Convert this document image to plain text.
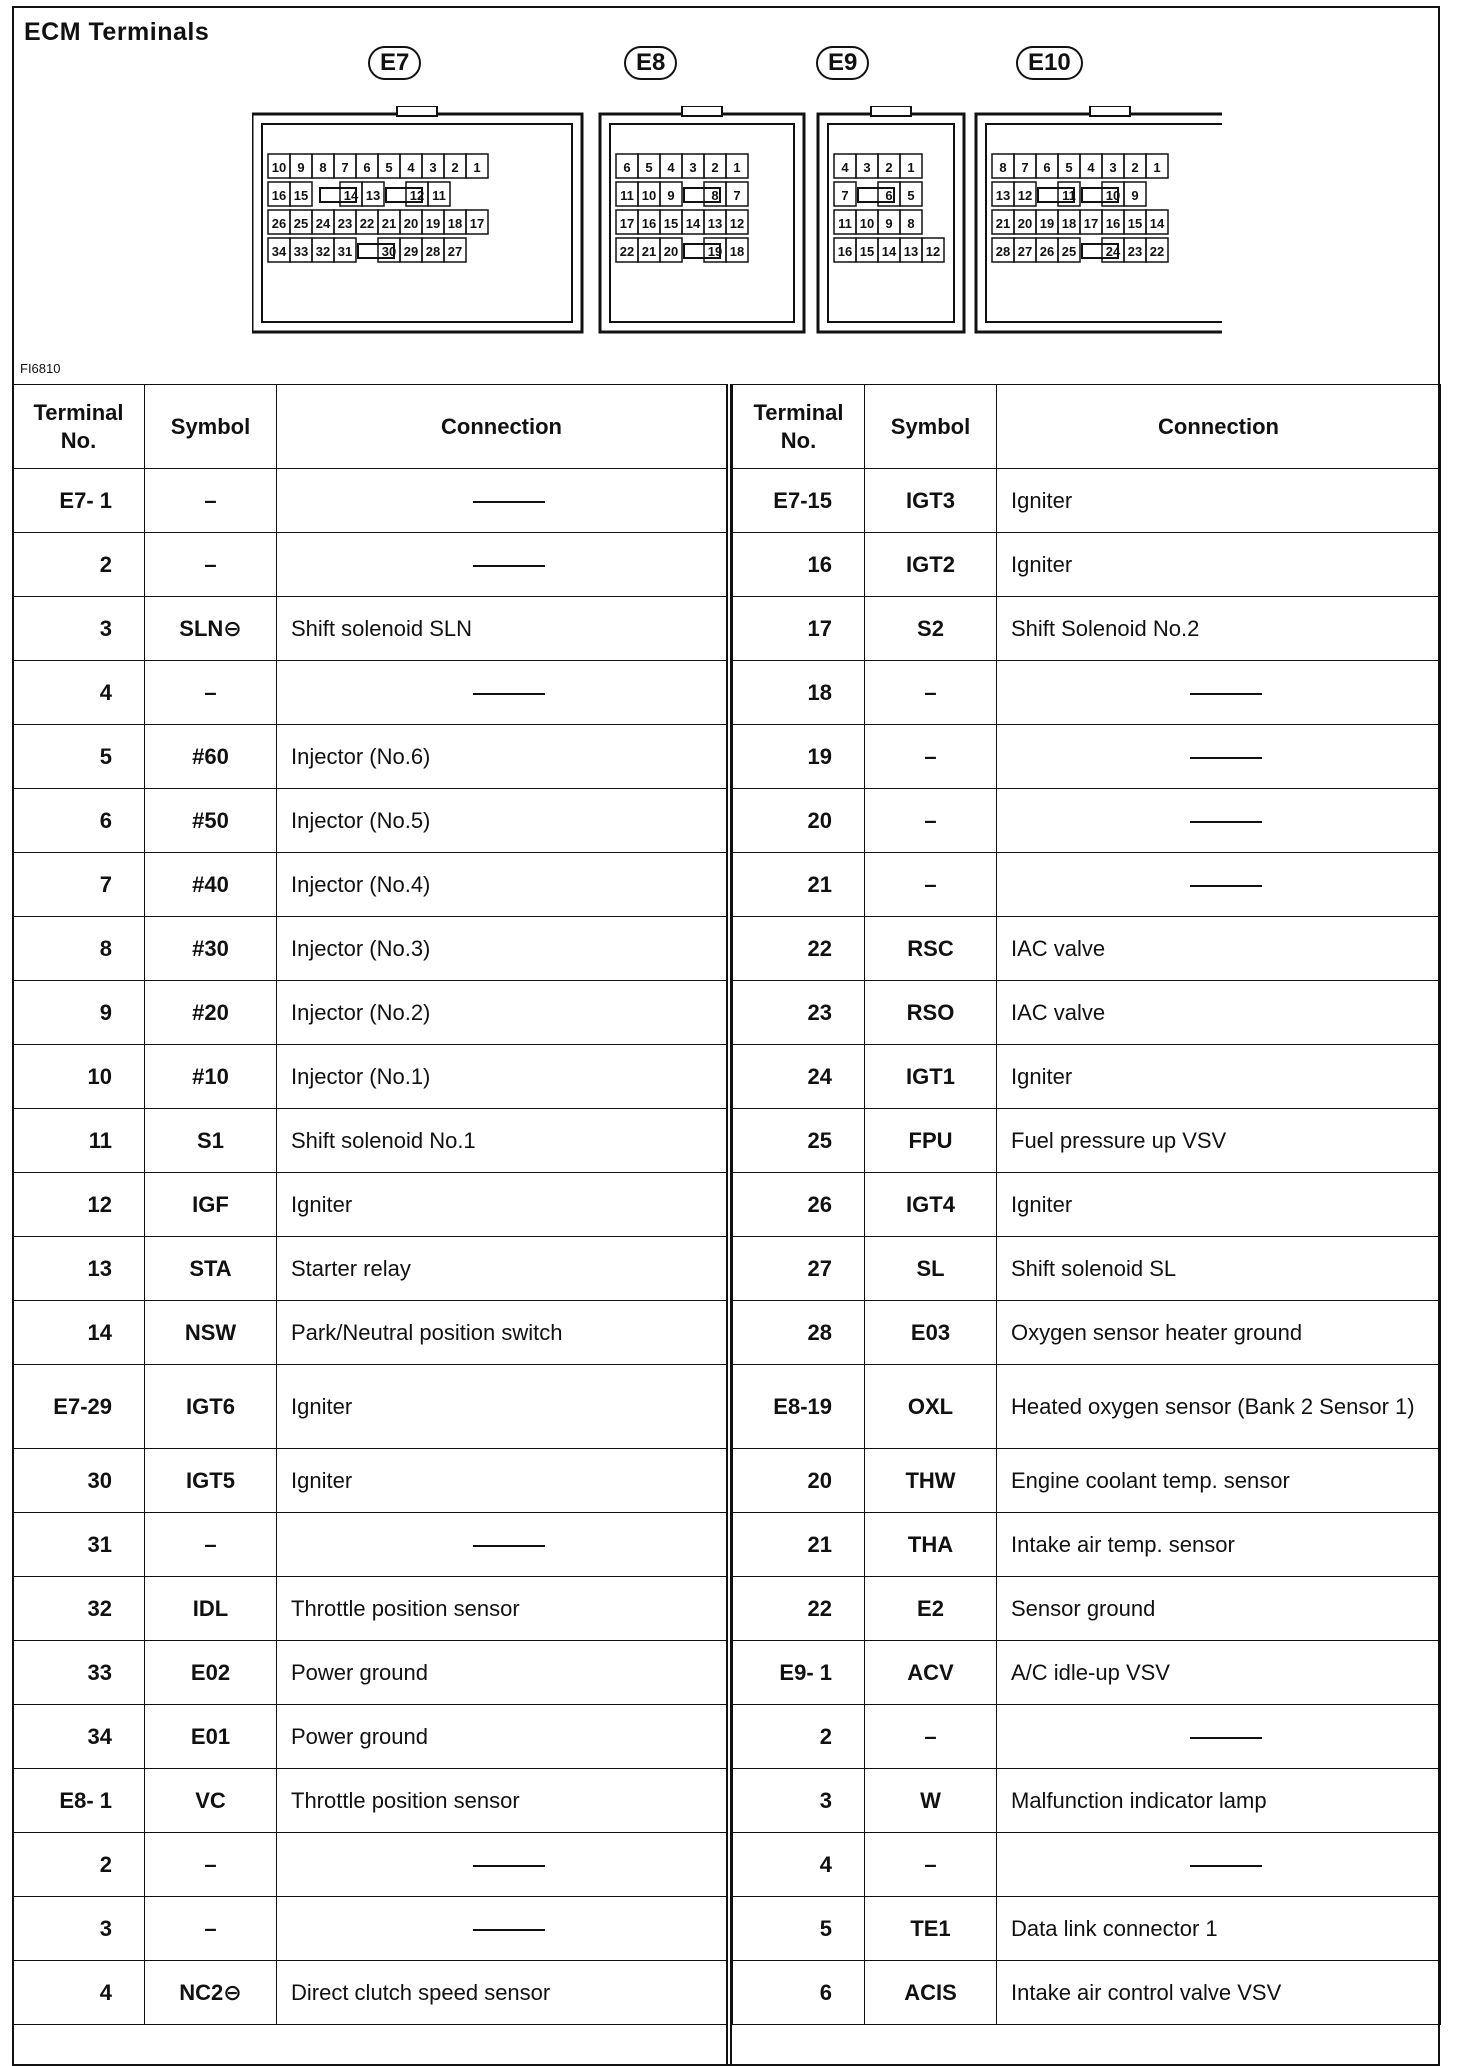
ECM Terminals
E7	E8	E9	E10
10 9 8 7 6 5 4 3 2 1
16 15	14 13 12 11
26 25 24 23 22 21 20 19 18 17
34 33 32 31 30 29 28 27
6 5 4 3 2 1
11 10 9	8 7
17 16 15 14 13 12
22 21 20 19 18
4 3 2 1
7	6 5
11 10 9 8
16 15 14 13 12
8 7 6 5 4 3 2 1
13 12 11 10 9
21 20 19 18 17 16 15 14
28 27 26 25 24 23 22
FI6810
Terminal No.	Symbol	Connection
E7- 1	–	
2	–	
3	SLN⊖	Shift solenoid SLN
4	–	
5	#60	Injector (No.6)
6	#50	Injector (No.5)
7	#40	Injector (No.4)
8	#30	Injector (No.3)
9	#20	Injector (No.2)
10	#10	Injector (No.1)
11	S1	Shift solenoid No.1
12	IGF	Igniter
13	STA	Starter relay
14	NSW	Park/Neutral position switch
E7-29	IGT6	Igniter
30	IGT5	Igniter
31	–	
32	IDL	Throttle position sensor
33	E02	Power ground
34	E01	Power ground
E8- 1	VC	Throttle position sensor
2	–	
3	–	
4	NC2⊖	Direct clutch speed sensor
Terminal No.	Symbol	Connection
E7-15	IGT3	Igniter
16	IGT2	Igniter
17	S2	Shift Solenoid No.2
18	–	
19	–	
20	–	
21	–	
22	RSC	IAC valve
23	RSO	IAC valve
24	IGT1	Igniter
25	FPU	Fuel pressure up VSV
26	IGT4	Igniter
27	SL	Shift solenoid SL
28	E03	Oxygen sensor heater ground
E8-19	OXL	Heated oxygen sensor (Bank 2 Sensor 1)
20	THW	Engine coolant temp. sensor
21	THA	Intake air temp. sensor
22	E2	Sensor ground
E9- 1	ACV	A/C idle-up VSV
2	–	
3	W	Malfunction indicator lamp
4	–	
5	TE1	Data link connector 1
6	ACIS	Intake air control valve VSV
